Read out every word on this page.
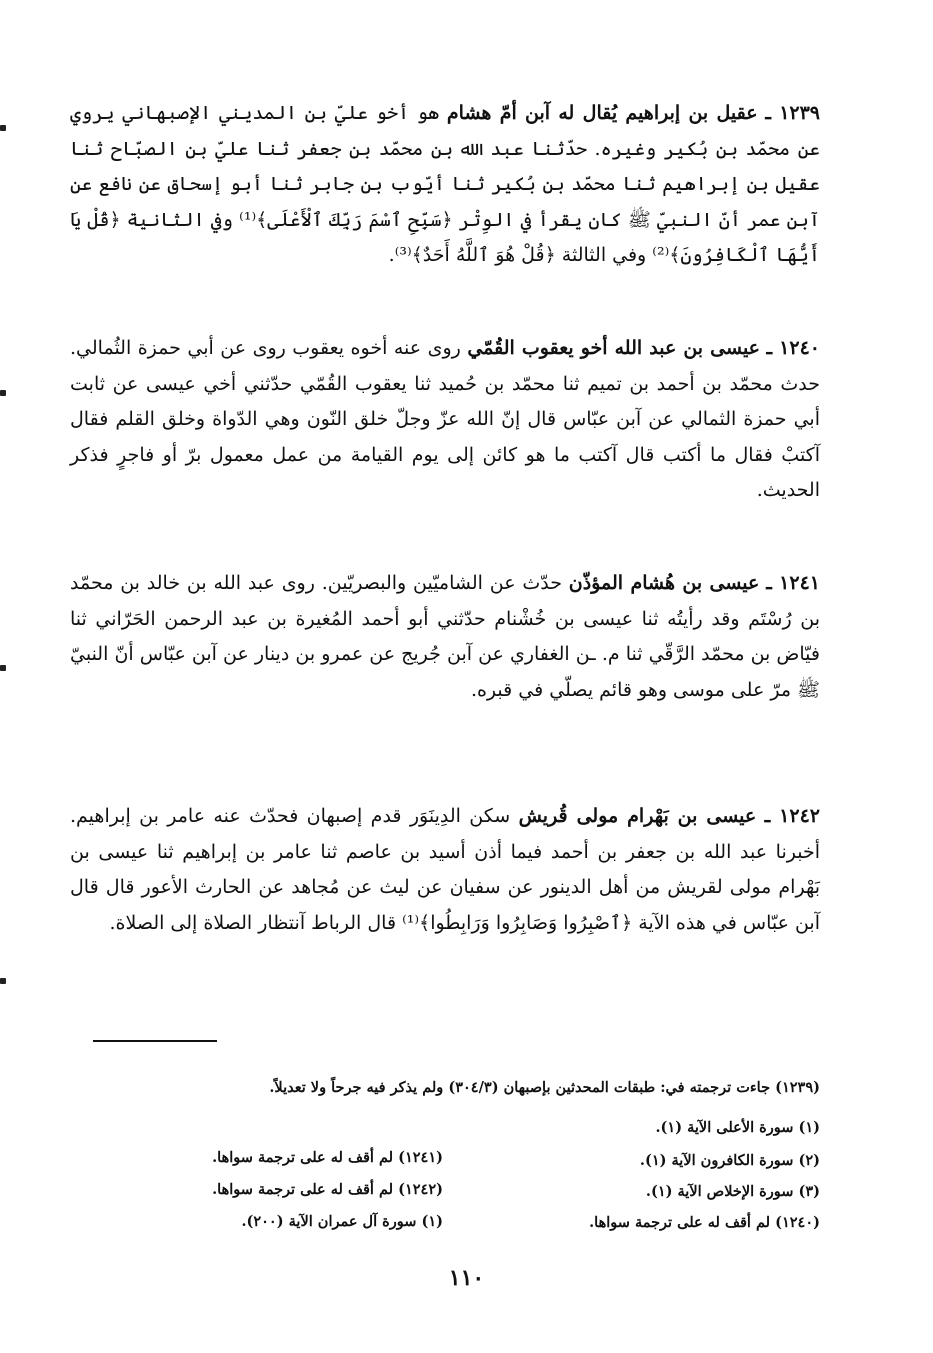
١٢٣٩ ـ عقيل بن إبراهيم يُقال له آبن أمّ هشام هو أخو عليّ بن المديني الإصبهاني يروي عن محمّد بن بُكير وغيره. حدّثنا عبد الله بن محمّد بن جعفر ثنا عليّ بن الصبّاح ثنا عقيل بن إبراهيم ثنا محمّد بن بُكير ثنا أيّوب بن جابر ثنا أبو إسحاق عن نافع عن آبن عمر أنّ النبيّ ﷺ كان يقرأ في الوِتْر ﴿سَبِّحِ ٱسْمَ رَبِّكَ ٱلْأَعْلَى﴾⁽¹⁾ وفي الثانية ﴿قُلْ يَا أَيُّهَا ٱلْكَافِرُونَ﴾⁽²⁾ وفي الثالثة ﴿قُلْ هُوَ ٱللَّهُ أَحَدٌ﴾⁽³⁾.

١٢٤٠ ـ عيسى بن عبد الله أخو يعقوب القُمّي روى عنه أخوه يعقوب روى عن أبي حمزة الثُمالي. حدث محمّد بن أحمد بن تميم ثنا محمّد بن حُميد ثنا يعقوب القُمّي حدّثني أخي عيسى عن ثابت أبي حمزة الثمالي عن آبن عبّاس قال إنّ الله عزّ وجلّ خلق النّون وهي الدّواة وخلق القلم فقال آكتبْ فقال ما أكتب قال آكتب ما هو كائن إلى يوم القيامة من عمل معمول برّ أو فاجرٍ فذكر الحديث.

١٢٤١ ـ عيسى بن هُشام المؤذّن حدّث عن الشاميّين والبصريّين. روى عبد الله بن خالد بن محمّد بن رُسْتَم وقد رأيتُه ثنا عيسى بن خُشْنام حدّثني أبو أحمد المُغيرة بن عبد الرحمن الحَرّاني ثنا فيّاض بن محمّد الرَّقّي ثنا م. ـن الغفاري عن آبن جُريج عن عمرو بن دينار عن آبن عبّاس أنّ النبيّ ﷺ مرّ على موسى وهو قائم يصلّي في قبره.

١٢٤٢ ـ عيسى بن بَهْرام مولى قُريش سكن الدِينَوَر قدم إصبهان فحدّث عنه عامر بن إبراهيم. أخبرنا عبد الله بن جعفر بن أحمد فيما أذن أسيد بن عاصم ثنا عامر بن إبراهيم ثنا عيسى بن بَهْرام مولى لقريش من أهل الدينور عن سفيان عن ليث عن مُجاهد عن الحارث الأعور قال قال آبن عبّاس في هذه الآية ﴿ٱصْبِرُوا وَصَابِرُوا وَرَابِطُوا﴾⁽¹⁾ قال الرباط آنتظار الصلاة إلى الصلاة.

(١٢٣٩) جاءت ترجمته في: طبقات المحدثين بإصبهان (٣٠٤/٣) ولم يذكر فيه جرحاً ولا تعديلاً.
(١) سورة الأعلى الآية (١).
(٢) سورة الكافرون الآية (١).
(٣) سورة الإخلاص الآية (١).
(١٢٤٠) لم أقف له على ترجمة سواها.
(١٢٤١) لم أقف له على ترجمة سواها.
(١٢٤٢) لم أقف له على ترجمة سواها.
(١) سورة آل عمران الآية (٢٠٠).
١١٠
